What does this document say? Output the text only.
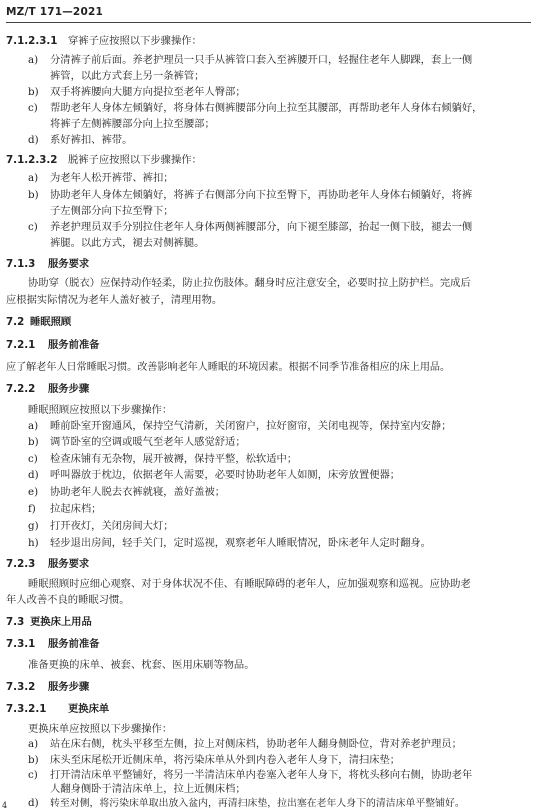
MZ/T 171—2021
7.1.2.3.1 穿裤子应按照以下步骤操作：
a) 分清裤子前后面。养老护理员一只手从裤管口套入至裤腰开口，轻握住老年人脚踝，套上一侧
裤管，以此方式套上另一条裤管；
b) 双手将裤腰向大腿方向提拉至老年人臀部；
c) 帮助老年人身体左倾躺好，将身体右侧裤腰部分向上拉至其腰部，再帮助老年人身体右倾躺好，
将裤子左侧裤腰部分向上拉至腰部；
d) 系好裤扣、裤带。
7.1.2.3.2 脱裤子应按照以下步骤操作：
a) 为老年人松开裤带、裤扣；
b) 协助老年人身体左倾躺好，将裤子右侧部分向下拉至臀下，再协助老年人身体右倾躺好，将裤
子左侧部分向下拉至臀下；
c) 养老护理员双手分别拉住老年人身体两侧裤腰部分，向下褪至膝部，抬起一侧下肢，褪去一侧
裤腿。以此方式，褪去对侧裤腿。
7.1.3 服务要求
协助穿（脱衣）应保持动作轻柔，防止拉伤肢体。翻身时应注意安全，必要时拉上防护栏。完成后
应根据实际情况为老年人盖好被子，清理用物。
7.2 睡眠照顾
7.2.1 服务前准备
应了解老年人日常睡眠习惯。改善影响老年人睡眠的环境因素。根据不同季节准备相应的床上用品。
7.2.2 服务步骤
睡眠照顾应按照以下步骤操作：
a) 睡前卧室开窗通风，保持空气清新，关闭窗户，拉好窗帘，关闭电视等，保持室内安静；
b) 调节卧室的空调或暖气至老年人感觉舒适；
c) 检查床铺有无杂物，展开被褥，保持平整，松软适中；
d) 呼叫器放于枕边，依据老年人需要，必要时协助老年人如厕，床旁放置便器；
e) 协助老年人脱去衣裤就寝，盖好盖被；
f) 拉起床档；
g) 打开夜灯，关闭房间大灯；
h) 轻步退出房间，轻手关门，定时巡视，观察老年人睡眠情况，卧床老年人定时翻身。
7.2.3 服务要求
睡眠照顾时应细心观察、对于身体状况不佳、有睡眠障碍的老年人，应加强观察和巡视。应协助老
年人改善不良的睡眠习惯。
7.3 更换床上用品
7.3.1 服务前准备
准备更换的床单、被套、枕套、医用床刷等物品。
7.3.2 服务步骤
7.3.2.1 更换床单
更换床单应按照以下步骤操作：
a) 站在床右侧，枕头平移至左侧，拉上对侧床档，协助老年人翻身侧卧位，背对养老护理员；
b) 床头至床尾松开近侧床单，将污染床单从外到内卷入老年人身下，清扫床垫；
c) 打开清洁床单平整铺好，将另一半清洁床单内卷塞入老年人身下，将枕头移向右侧，协助老年
人翻身侧卧于清洁床单上，拉上近侧床档；
d) 转至对侧，将污染床单取出放入盆内，再清扫床垫，拉出塞在老年人身下的清洁床单平整铺好。
4
